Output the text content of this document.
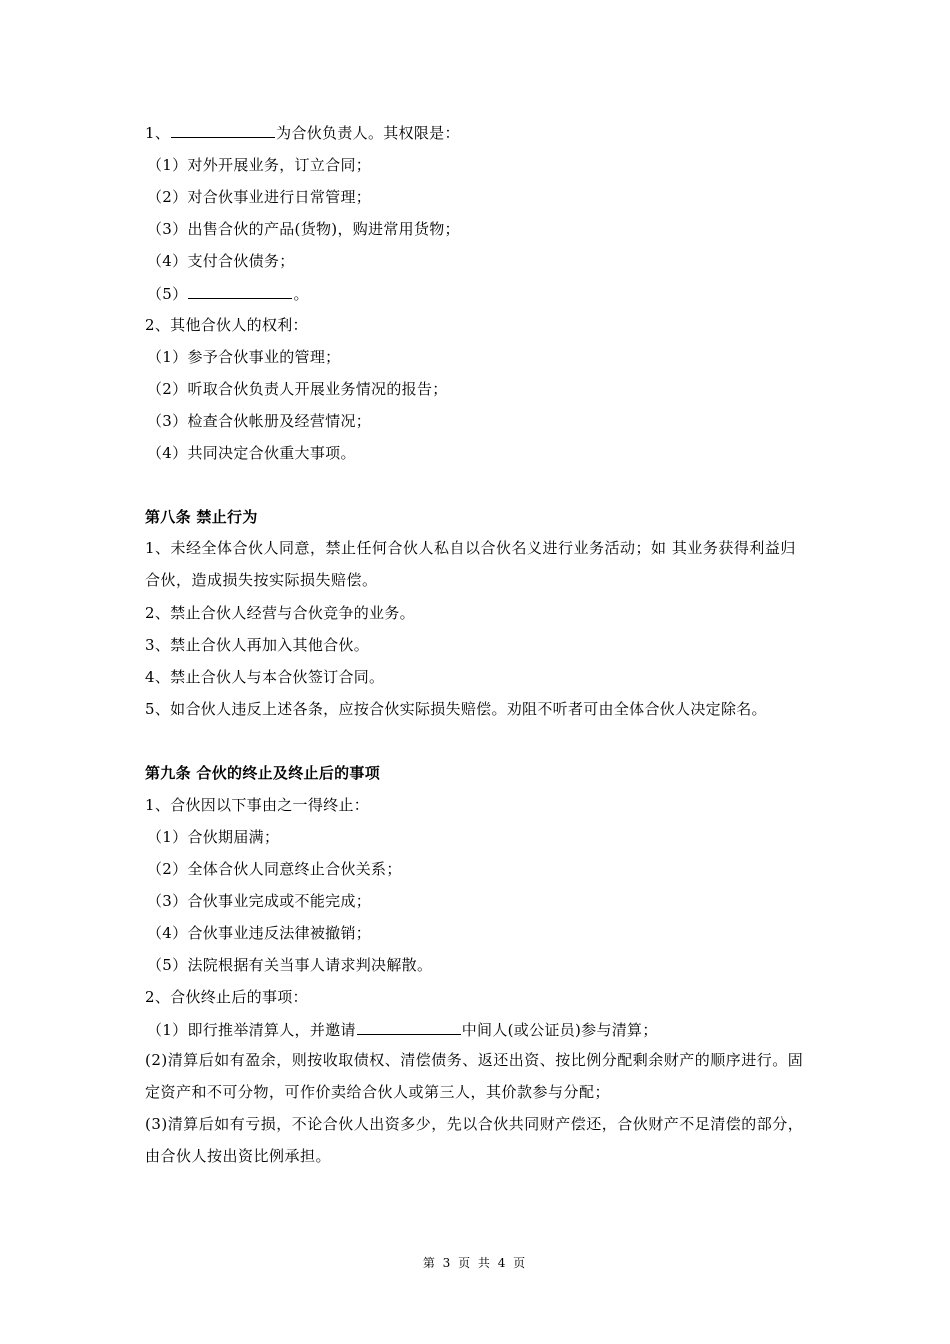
1、	为合伙负责人。其权限是：
（1）对外开展业务，订立合同；
（2）对合伙事业进行日常管理；
（3）出售合伙的产品(货物)，购进常用货物；
（4）支付合伙债务；
（5）	。
2、其他合伙人的权利：
（1）参予合伙事业的管理；
（2）听取合伙负责人开展业务情况的报告；
（3）检查合伙帐册及经营情况；
（4）共同决定合伙重大事项。
第八条 禁止行为
1、未经全体合伙人同意，禁止任何合伙人私自以合伙名义进行业务活动；如 其业务获得利益归合伙，造成损失按实际损失赔偿。
2、禁止合伙人经营与合伙竞争的业务。
3、禁止合伙人再加入其他合伙。
4、禁止合伙人与本合伙签订合同。
5、如合伙人违反上述各条，应按合伙实际损失赔偿。劝阻不听者可由全体合伙人决定除名。
第九条 合伙的终止及终止后的事项
1、合伙因以下事由之一得终止：
（1）合伙期届满；
（2）全体合伙人同意终止合伙关系；
（3）合伙事业完成或不能完成；
（4）合伙事业违反法律被撤销；
（5）法院根据有关当事人请求判决解散。
2、合伙终止后的事项：
（1）即行推举清算人，并邀请	中间人(或公证员)参与清算；
(2)清算后如有盈余，则按收取债权、清偿债务、返还出资、按比例分配剩余财产的顺序进行。固定资产和不可分物，可作价卖给合伙人或第三人，其价款参与分配；
(3)清算后如有亏损，不论合伙人出资多少，先以合伙共同财产偿还，合伙财产不足清偿的部分，由合伙人按出资比例承担。
第 3 页 共 4 页
